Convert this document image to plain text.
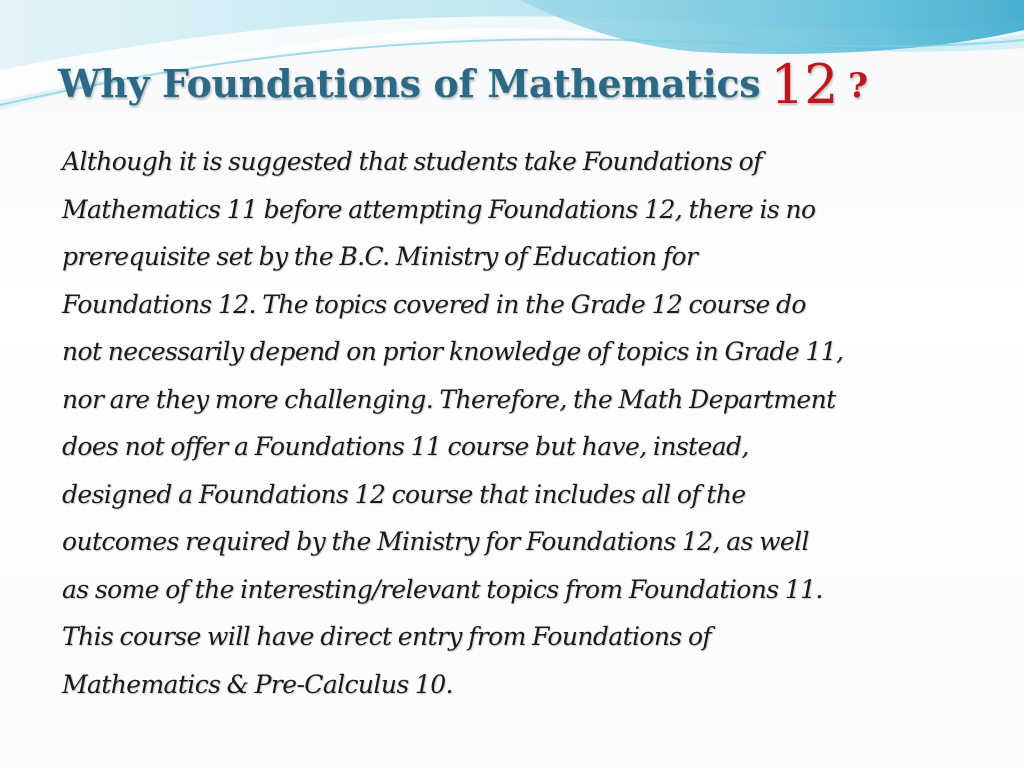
Why Foundations of Mathematics 12 ?
Although it is suggested that students take Foundations of
Mathematics 11 before attempting Foundations 12, there is no
prerequisite set by the B.C. Ministry of Education for
Foundations 12. The topics covered in the Grade 12 course do
not necessarily depend on prior knowledge of topics in Grade 11,
nor are they more challenging. Therefore, the Math Department
does not offer a Foundations 11 course but have, instead,
designed a Foundations 12 course that includes all of the
outcomes required by the Ministry for Foundations 12, as well
as some of the interesting/relevant topics from Foundations 11.
This course will have direct entry from Foundations of
Mathematics & Pre-Calculus 10.
